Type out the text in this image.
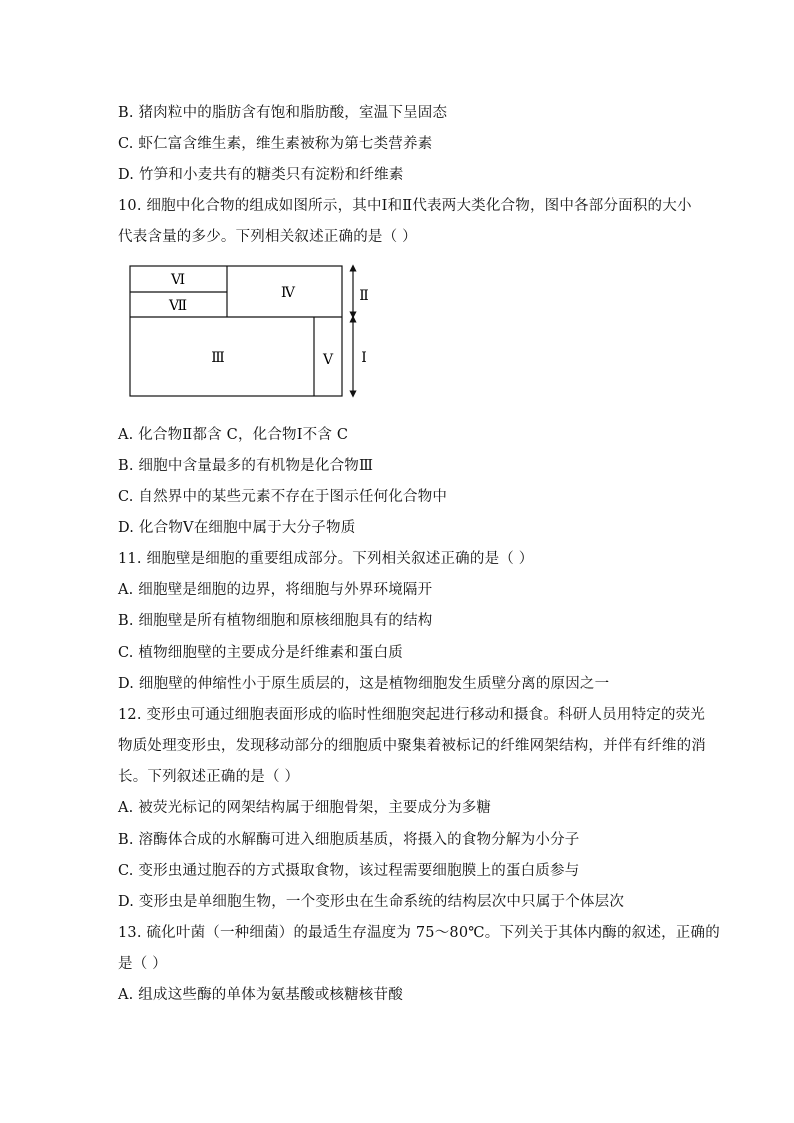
B. 猪肉粒中的脂肪含有饱和脂肪酸，室温下呈固态
C. 虾仁富含维生素，维生素被称为第七类营养素
D. 竹笋和小麦共有的糖类只有淀粉和纤维素
10. 细胞中化合物的组成如图所示，其中Ⅰ和Ⅱ代表两大类化合物，图中各部分面积的大小
代表含量的多少。下列相关叙述正确的是（ ）
Ⅵ
Ⅶ
Ⅳ
Ⅲ	Ⅴ
Ⅱ
Ⅰ
A. 化合物Ⅱ都含 C，化合物Ⅰ不含 C
B. 细胞中含量最多的有机物是化合物Ⅲ
C. 自然界中的某些元素不存在于图示任何化合物中
D. 化合物Ⅴ在细胞中属于大分子物质
11. 细胞壁是细胞的重要组成部分。下列相关叙述正确的是（ ）
A. 细胞壁是细胞的边界，将细胞与外界环境隔开
B. 细胞壁是所有植物细胞和原核细胞具有的结构
C. 植物细胞壁的主要成分是纤维素和蛋白质
D. 细胞壁的伸缩性小于原生质层的，这是植物细胞发生质壁分离的原因之一
12. 变形虫可通过细胞表面形成的临时性细胞突起进行移动和摄食。科研人员用特定的荧光
物质处理变形虫，发现移动部分的细胞质中聚集着被标记的纤维网架结构，并伴有纤维的消
长。下列叙述正确的是（ ）
A. 被荧光标记的网架结构属于细胞骨架，主要成分为多糖
B. 溶酶体合成的水解酶可进入细胞质基质，将摄入的食物分解为小分子
C. 变形虫通过胞吞的方式摄取食物，该过程需要细胞膜上的蛋白质参与
D. 变形虫是单细胞生物，一个变形虫在生命系统的结构层次中只属于个体层次
13. 硫化叶菌（一种细菌）的最适生存温度为 75～80℃。下列关于其体内酶的叙述，正确的
是（ ）
A. 组成这些酶的单体为氨基酸或核糖核苷酸
